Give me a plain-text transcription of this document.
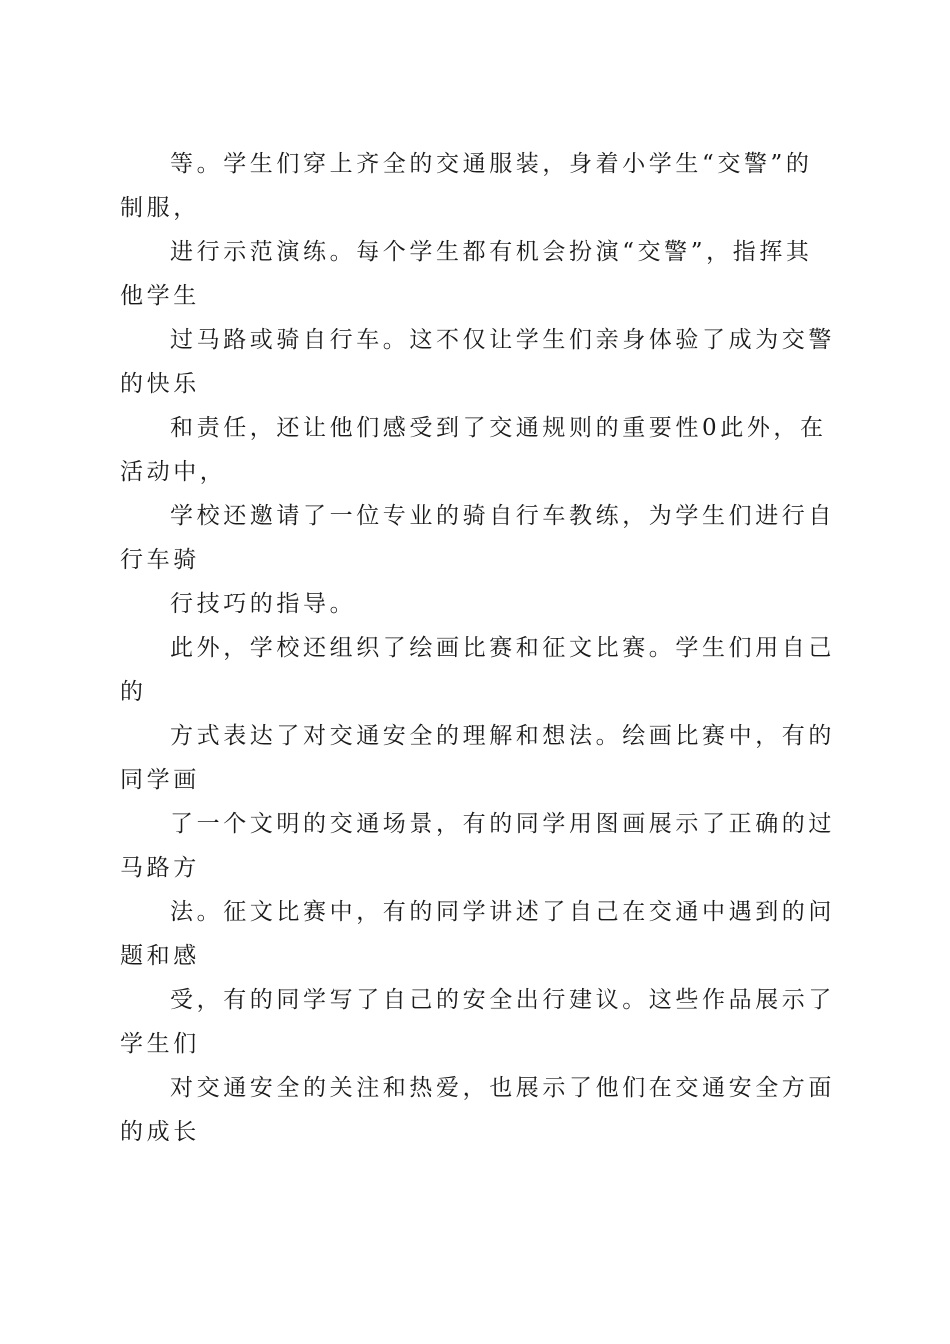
等。学生们穿上齐全的交通服装，身着小学生“交警”的
制服，
进行示范演练。每个学生都有机会扮演“交警”，指挥其
他学生
过马路或骑自行车。这不仅让学生们亲身体验了成为交警
的快乐
和责任，还让他们感受到了交通规则的重要性0此外，在
活动中，
学校还邀请了一位专业的骑自行车教练，为学生们进行自
行车骑
行技巧的指导。
此外，学校还组织了绘画比赛和征文比赛。学生们用自己
的
方式表达了对交通安全的理解和想法。绘画比赛中，有的
同学画
了一个文明的交通场景，有的同学用图画展示了正确的过
马路方
法。征文比赛中，有的同学讲述了自己在交通中遇到的问
题和感
受，有的同学写了自己的安全出行建议。这些作品展示了
学生们
对交通安全的关注和热爱，也展示了他们在交通安全方面
的成长
